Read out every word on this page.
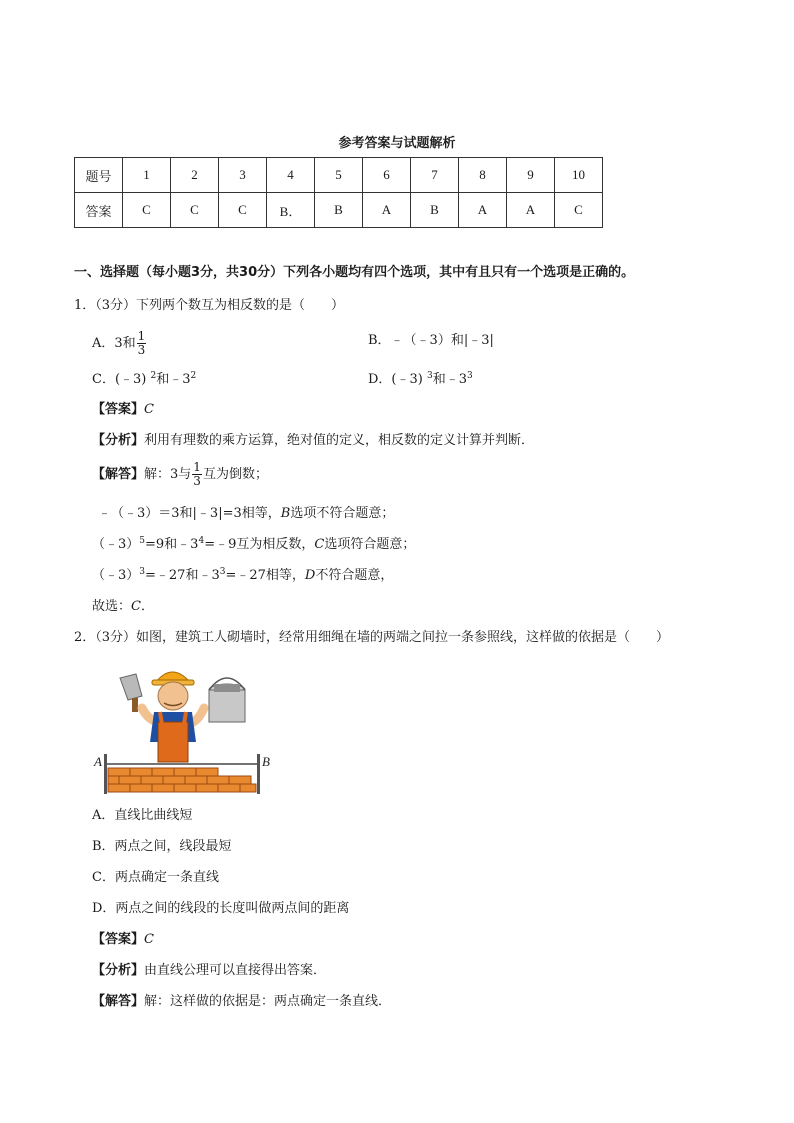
参考答案与试题解析
题号	1	2	3	4	5	6	7	8	9	10
答案	C	C	C	B．	B	A	B	A	A	C
一、选择题（每小题3分，共30分）下列各小题均有四个选项，其中有且只有一个选项是正确的。
1．（3分）下列两个数互为相反数的是（　　）
A．3和 $\frac{1}{3}$	B．﹣（﹣3）和|﹣3|
C．(﹣3) $^2$和$﹣3^2$	D．(﹣3) $^3$和$﹣3^3$
【答案】C
【分析】利用有理数的乘方运算，绝对值的定义，相反数的定义计算并判断．
【解答】解：3与 $\frac{1}{3}$ 互为倒数；
﹣（﹣3）＝3和|﹣3|=3相等，B选项不符合题意；
（﹣3）$^5$=9和$﹣3^4=﹣9$互为相反数，C选项符合题意；
（﹣3）$^3$=﹣27和$﹣3^3=﹣27$相等，D不符合题意，
故选：C．
2．（3分）如图，建筑工人砌墙时，经常用细绳在墙的两端之间拉一条参照线，这样做的依据是（　　）
A	B
A．直线比曲线短
B．两点之间，线段最短
C．两点确定一条直线
D．两点之间的线段的长度叫做两点间的距离
【答案】C
【分析】由直线公理可以直接得出答案．
【解答】解：这样做的依据是：两点确定一条直线．
